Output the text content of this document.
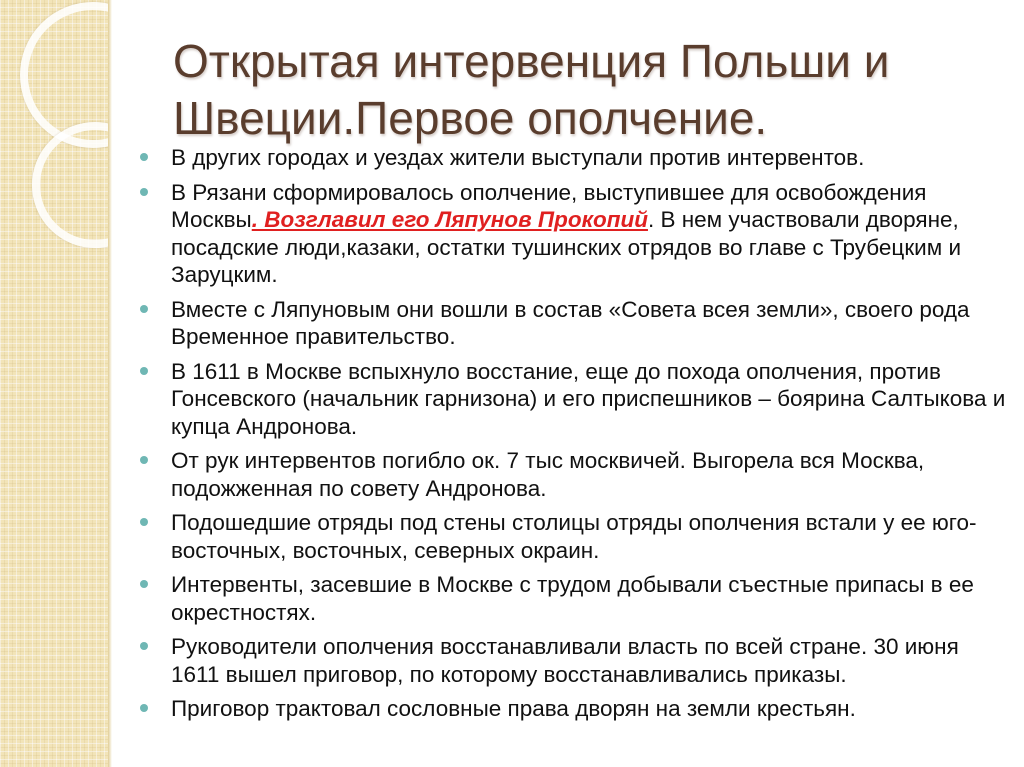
Открытая интервенция Польши и Швеции.Первое ополчение.
В других городах и уездах жители выступали против интервентов.
В Рязани сформировалось ополчение, выступившее для освобождения Москвы. Возглавил его Ляпунов Прокопий. В нем участвовали дворяне, посадские люди,казаки, остатки тушинских отрядов во главе с Трубецким и Заруцким.
Вместе с Ляпуновым они вошли в состав «Совета всея земли», своего рода Временное правительство.
В 1611 в Москве вспыхнуло восстание, еще до похода ополчения, против Гонсевского (начальник гарнизона) и его приспешников – боярина Салтыкова и купца Андронова.
От рук интервентов погибло ок. 7 тыс москвичей. Выгорела вся Москва, подожженная по совету Андронова.
Подошедшие отряды под стены столицы отряды ополчения встали у ее юго-восточных, восточных, северных окраин.
Интервенты, засевшие в Москве с трудом добывали съестные припасы в ее окрестностях.
Руководители ополчения восстанавливали власть по всей стране. 30 июня 1611 вышел приговор, по которому восстанавливались приказы.
Приговор трактовал сословные права дворян на земли крестьян.
